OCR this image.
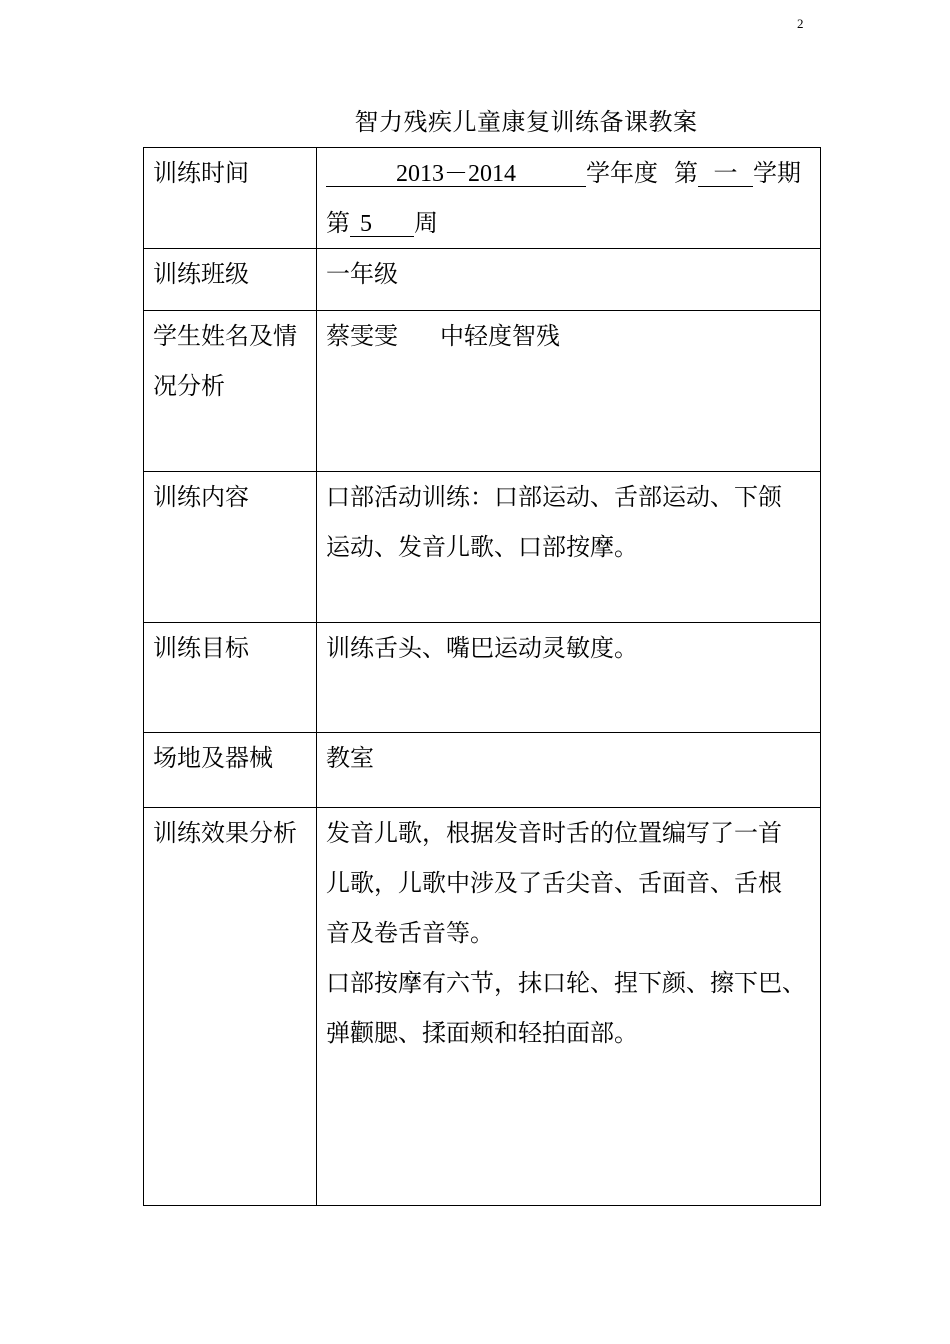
2
智力残疾儿童康复训练备课教案
训练时间	2013－2014 学年度 第 一 学期
第 5 周
训练班级	一年级

学生姓名及情
况分析	蔡雯雯 中轻度智残
训练内容	口部活动训练：口部运动、舌部运动、下颌
运动、发音儿歌、口部按摩。

训练目标	训练舌头、嘴巴运动灵敏度。
场地及器械	教室
训练效果分析	发音儿歌，根据发音时舌的位置编写了一首
儿歌，儿歌中涉及了舌尖音、舌面音、舌根
音及卷舌音等。
口部按摩有六节，抹口轮、捏下颜、擦下巴、
弹颧腮、揉面颊和轻拍面部。
